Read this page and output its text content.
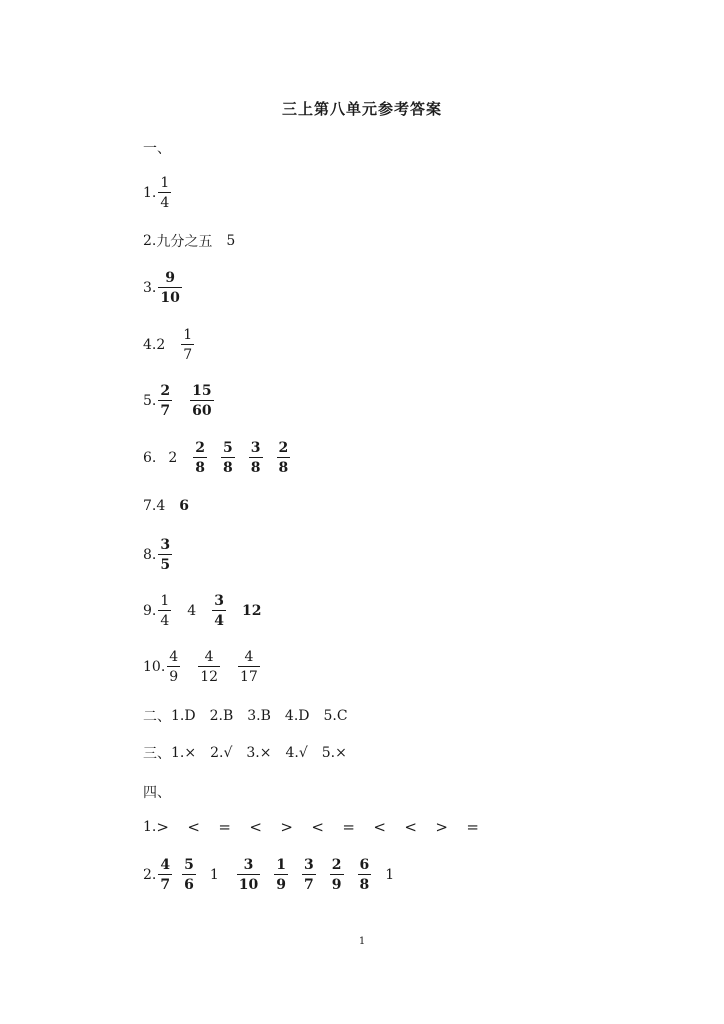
三上第八单元参考答案
一、
1. $\frac{1}{4}$
2. 九分之五 5
3. $\frac{9}{10}$
4. $2 \frac{1}{7}$
5. $\frac{2}{7} \frac{15}{60}$
6. $2 \frac{2}{8} \frac{5}{8} \frac{3}{8} \frac{2}{8}$
7. 4 6
8. $\frac{3}{5}$
9. $\frac{1}{4} 4 \frac{3}{4} 12$
10. $\frac{4}{9} \frac{4}{12} \frac{4}{17}$
二、 1.D 2.B 3.B 4.D 5.C
三、 1.× 2.√ 3.× 4.√ 5.×
四、
1. >	<	=	<	>	<	=	<	<	>	=
2. $\frac{4}{7} \frac{5}{6} 1 \frac{3}{10} \frac{1}{9} \frac{3}{7} \frac{2}{9} \frac{6}{8} 1$
1
